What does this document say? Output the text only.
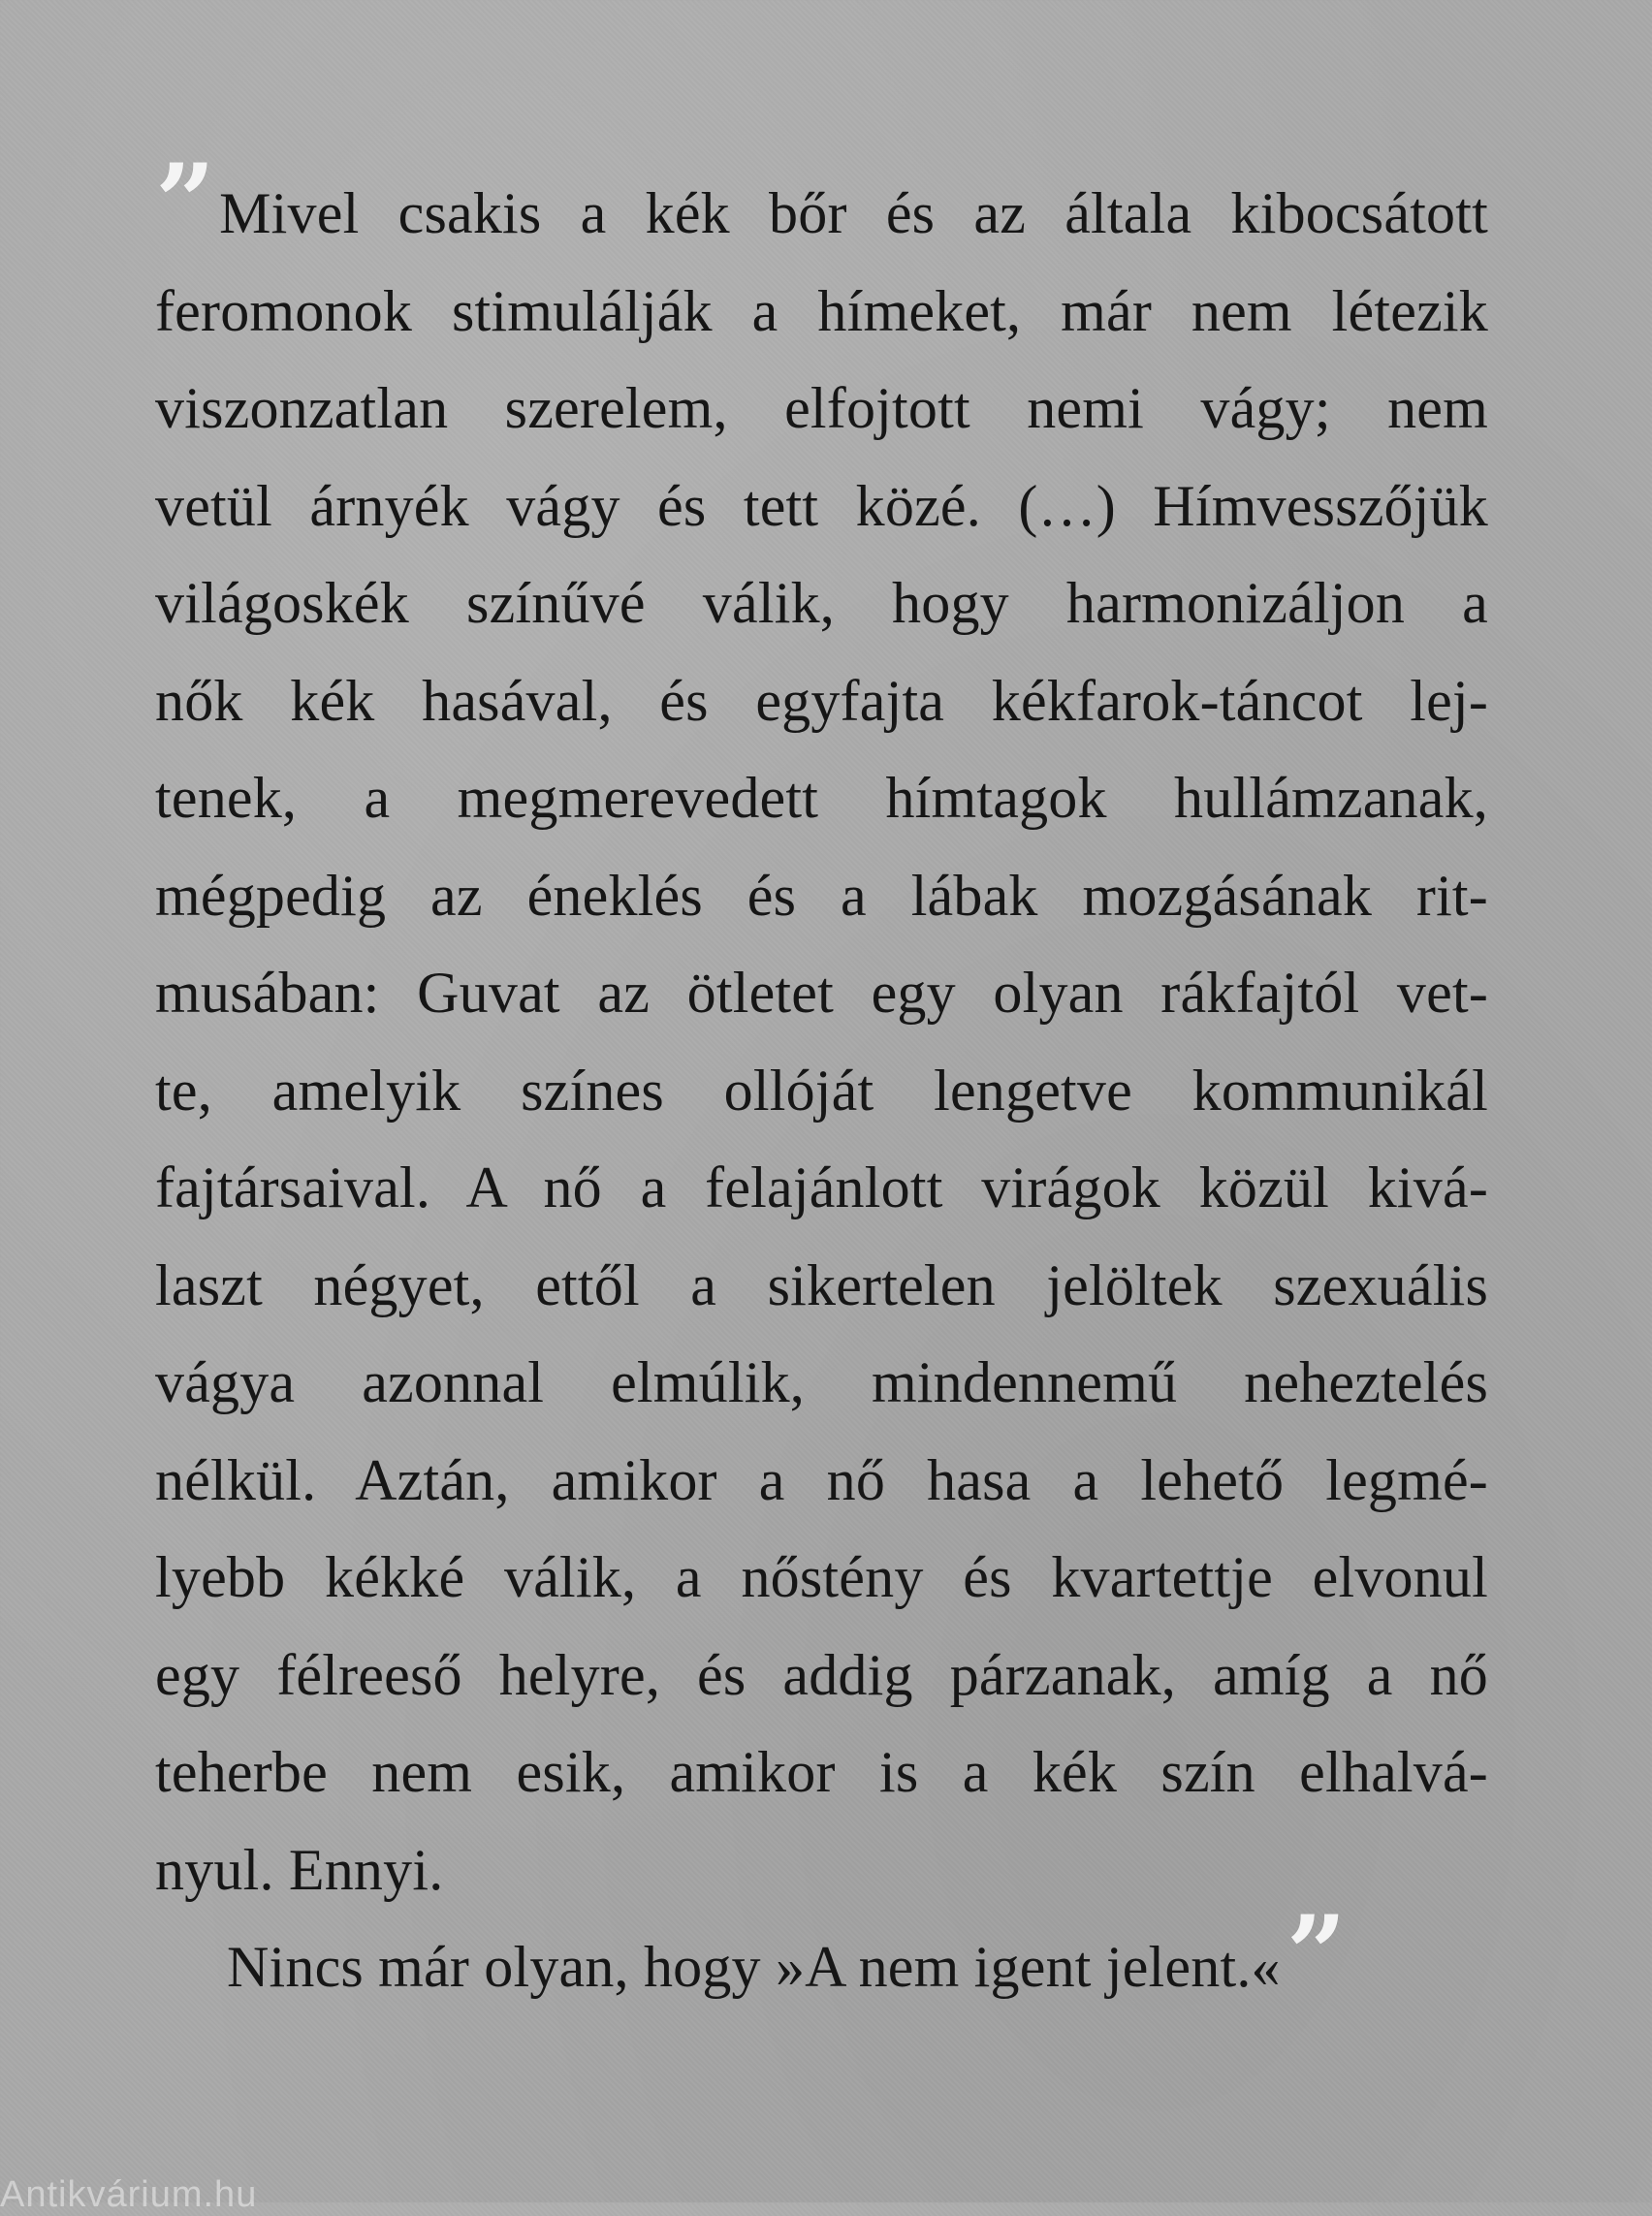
” Mivel csakis a kék bőr és az általa kibocsátott
feromonok stimulálják a hímeket, már nem létezik
viszonzatlan szerelem, elfojtott nemi vágy; nem
vetül árnyék vágy és tett közé. (…) Hímvesszőjük
világoskék színűvé válik, hogy harmonizáljon a
nők kék hasával, és egyfajta kékfarok-táncot lej-
tenek, a megmerevedett hímtagok hullámzanak,
mégpedig az éneklés és a lábak mozgásának rit-
musában: Guvat az ötletet egy olyan rákfajtól vet-
te, amelyik színes ollóját lengetve kommunikál
fajtársaival. A nő a felajánlott virágok közül kivá-
laszt négyet, ettől a sikertelen jelöltek szexuális
vágya azonnal elmúlik, mindennemű neheztelés
nélkül. Aztán, amikor a nő hasa a lehető legmé-
lyebb kékké válik, a nőstény és kvartettje elvonul
egy félreeső helyre, és addig párzanak, amíg a nő
teherbe nem esik, amikor is a kék szín elhalvá-
nyul. Ennyi.
Nincs már olyan, hogy »A nem igent jelent.«”
Antikvárium.hu
